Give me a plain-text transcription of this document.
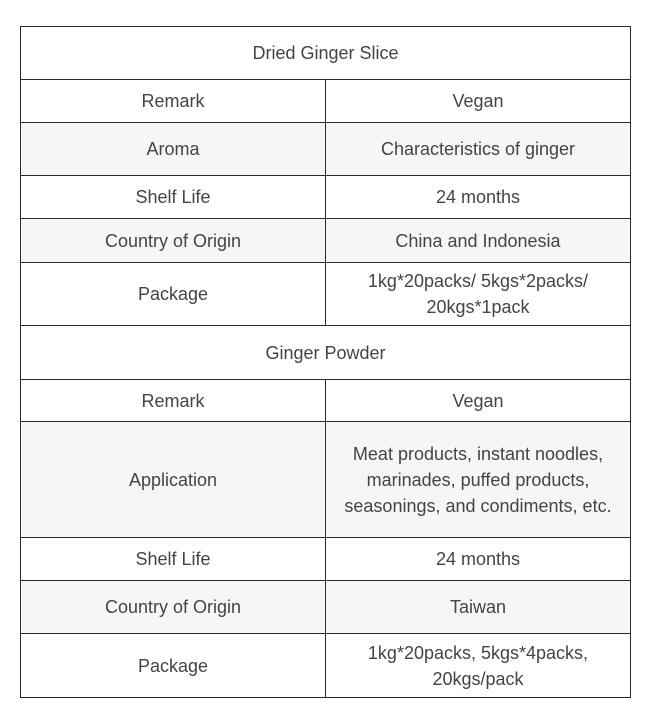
Dried Ginger Slice	
Remark	Vegan
Aroma	Characteristics of ginger
Shelf Life	24 months
Country of Origin	China and Indonesia
Package	1kg*20packs/ 5kgs*2packs/ 20kgs*1pack
Ginger Powder	
Remark	Vegan
Application	Meat products, instant noodles, marinades, puffed products, seasonings, and condiments, etc.
Shelf Life	24 months
Country of Origin	Taiwan
Package	1kg*20packs, 5kgs*4packs, 20kgs/pack
